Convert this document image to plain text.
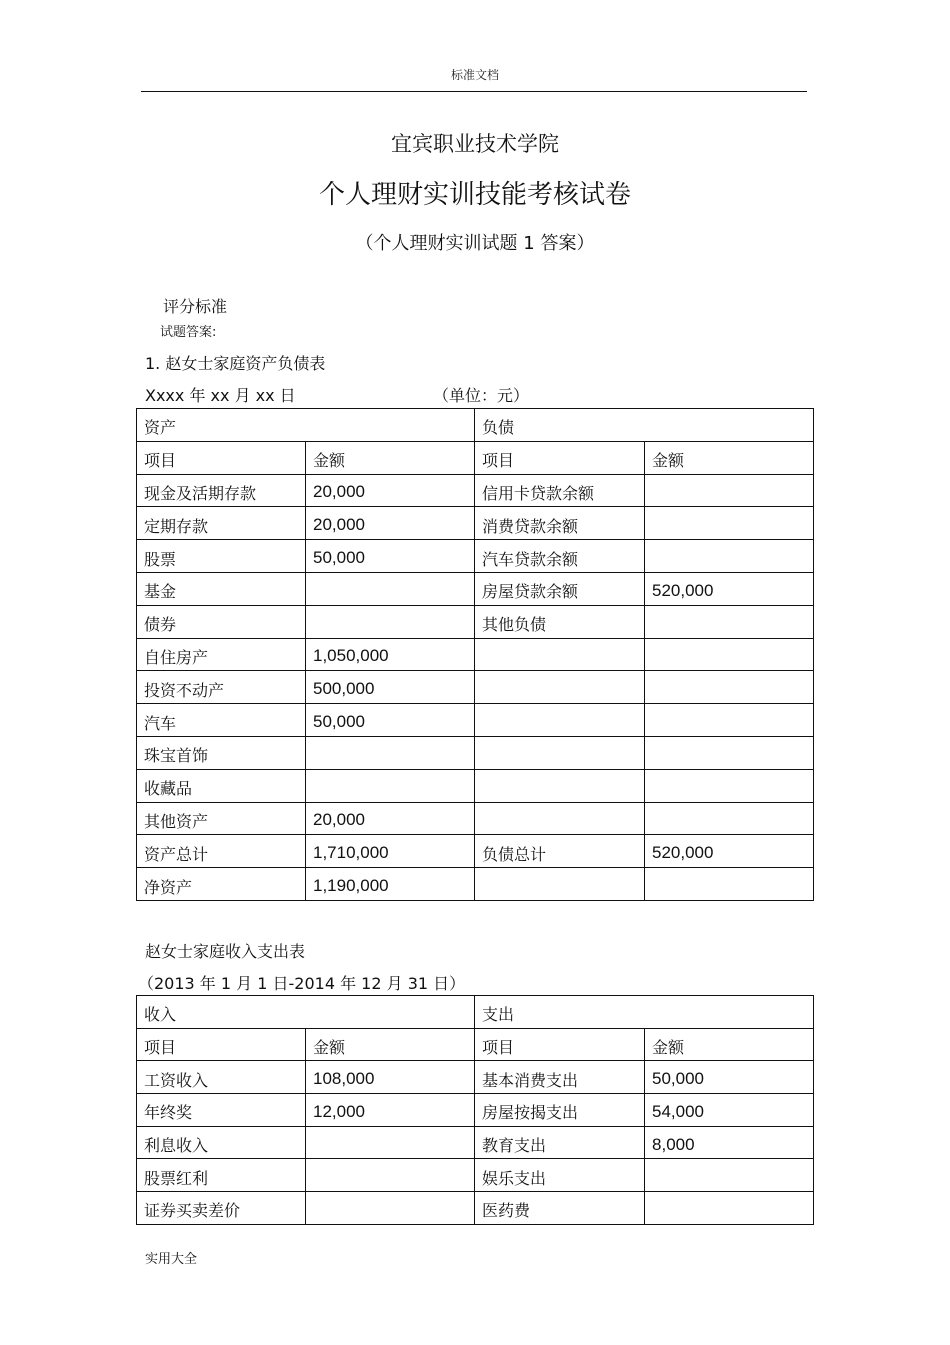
标准文档
宜宾职业技术学院
个人理财实训技能考核试卷
（个人理财实训试题 1 答案）
评分标准
试题答案:
1. 赵女士家庭资产负债表
Xxxx 年 xx 月 xx 日	（单位：元）
资产		负债	
项目	金额	项目	金额
现金及活期存款	20,000	信用卡贷款余额	
定期存款	20,000	消费贷款余额	
股票	50,000	汽车贷款余额	
基金		房屋贷款余额	520,000
债券		其他负债	
自住房产	1,050,000		
投资不动产	500,000		
汽车	50,000		
珠宝首饰			
收藏品			
其他资产	20,000		
资产总计	1,710,000	负债总计	520,000
净资产	1,190,000		
赵女士家庭收入支出表
（2013 年 1 月 1 日-2014 年 12 月 31 日）
收入		支出	
项目	金额	项目	金额
工资收入	108,000	基本消费支出	50,000
年终奖	12,000	房屋按揭支出	54,000
利息收入		教育支出	8,000
股票红利		娱乐支出	
证券买卖差价		医药费	
实用大全
